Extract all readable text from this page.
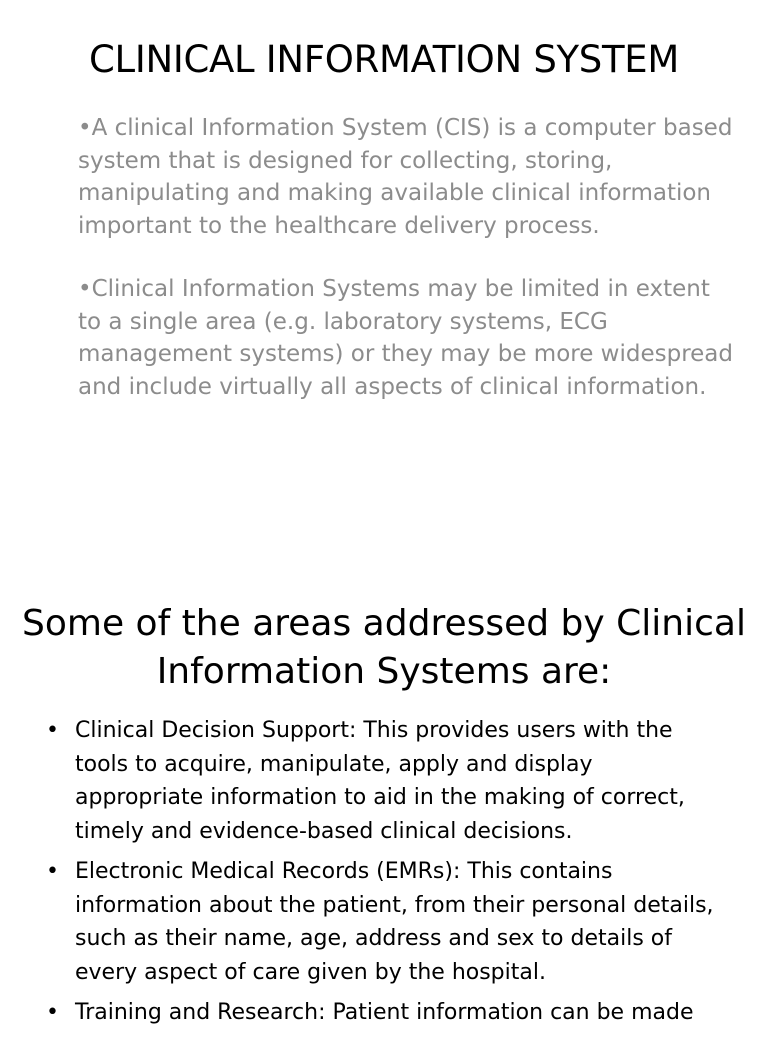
CLINICAL INFORMATION SYSTEM
•A clinical Information System (CIS) is a computer based system that is designed for collecting, storing, manipulating and making available clinical information important to the healthcare delivery process.
•Clinical Information Systems may be limited in extent to a single area (e.g. laboratory systems, ECG management systems) or they may be more widespread and include virtually all aspects of clinical information.
Some of the areas addressed by Clinical Information Systems are:
• Clinical Decision Support: This provides users with the tools to acquire, manipulate, apply and display appropriate information to aid in the making of correct, timely and evidence-based clinical decisions.
• Electronic Medical Records (EMRs): This contains information about the patient, from their personal details, such as their name, age, address and sex to details of every aspect of care given by the hospital.
• Training and Research: Patient information can be made
